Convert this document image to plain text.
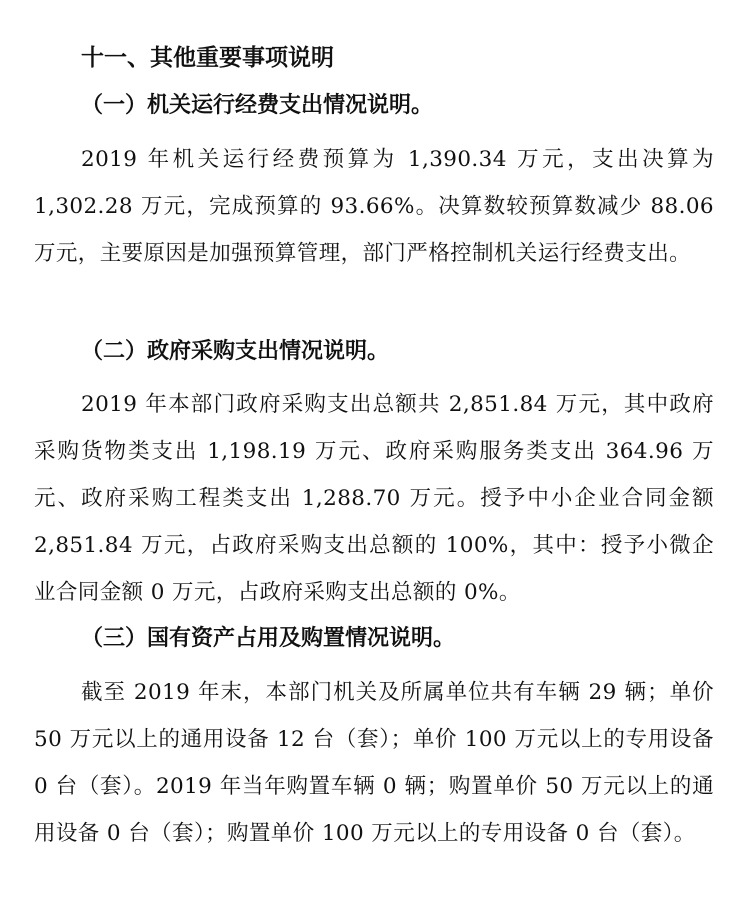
十一、其他重要事项说明
（一）机关运行经费支出情况说明。

2019 年机关运行经费预算为 1,390.34 万元，支出决算为 1,302.28 万元，完成预算的 93.66%。决算数较预算数减少 88.06 万元，主要原因是加强预算管理，部门严格控制机关运行经费支出。

（二）政府采购支出情况说明。

2019 年本部门政府采购支出总额共 2,851.84 万元，其中政府采购货物类支出 1,198.19 万元、政府采购服务类支出 364.96 万元、政府采购工程类支出 1,288.70 万元。授予中小企业合同金额 2,851.84 万元，占政府采购支出总额的 100%，其中：授予小微企业合同金额 0 万元，占政府采购支出总额的 0%。

（三）国有资产占用及购置情况说明。

截至 2019 年末，本部门机关及所属单位共有车辆 29 辆；单价 50 万元以上的通用设备 12 台（套）；单价 100 万元以上的专用设备 0 台（套）。2019 年当年购置车辆 0 辆；购置单价 50 万元以上的通用设备 0 台（套）；购置单价 100 万元以上的专用设备 0 台（套）。
